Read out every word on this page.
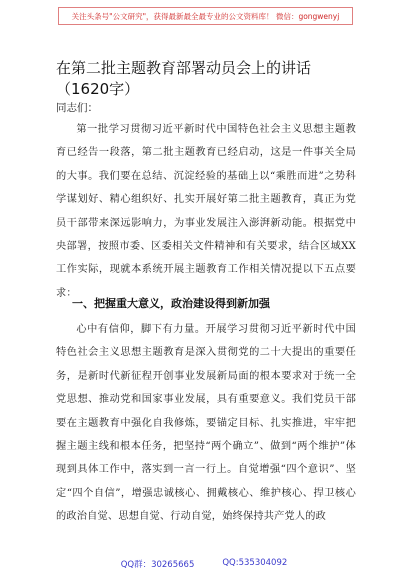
关注头条号"公文研究"，获得最新最全最专业的公文资料库！ 微信：gongwenyj
在第二批主题教育部署动员会上的讲话（1620字）

同志们：

第一批学习贯彻习近平新时代中国特色社会主义思想主题教育已经告一段落，第二批主题教育已经启动，这是一件事关全局的大事。我们要在总结、沉淀经验的基础上以“乘胜而进”之势科学谋划好、精心组织好、扎实开展好第二批主题教育，真正为党员干部带来深远影响力，为事业发展注入澎湃新动能。根据党中央部署，按照市委、区委相关文件精神和有关要求，结合区域XX工作实际，现就本系统开展主题教育工作相关情况提以下五点要求：

一、把握重大意义，政治建设得到新加强

心中有信仰，脚下有力量。开展学习贯彻习近平新时代中国特色社会主义思想主题教育是深入贯彻党的二十大提出的重要任务，是新时代新征程开创事业发展新局面的根本要求对于统一全党思想、推动党和国家事业发展，具有重要意义。我们党员干部要在主题教育中强化自我修炼，要锚定目标、扎实推进，牢牢把握主题主线和根本任务，把坚持“两个确立”、做到“两个维护”体现到具体工作中，落实到一言一行上。自觉增强“四个意识”、坚定“四个自信”，增强忠诚核心、拥戴核心、维护核心、捍卫核心的政治自觉、思想自觉、行动自觉，始终保持共产党人的政

QQ群：30265665	QQ:535304092
